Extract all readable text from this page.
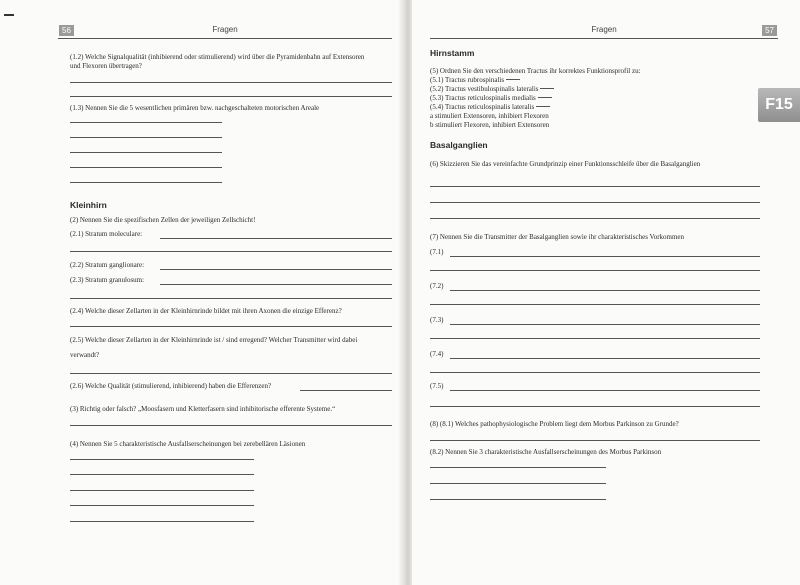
56	Fragen
(1.2) Welche Signalqualität (inhibierend oder stimulierend) wird über die Pyramidenbahn auf Extensoren
und Flexoren übertragen?
(1.3) Nennen Sie die 5 wesentlichen primären bzw. nachgeschalteten motorischen Areale
Kleinhirn
(2) Nennen Sie die spezifischen Zellen der jeweiligen Zellschicht!
(2.1) Stratum moleculare:
(2.2) Stratum ganglionare:
(2.3) Stratum granulosum:
(2.4) Welche dieser Zellarten in der Kleinhirnrinde bildet mit ihren Axonen die einzige Efferenz?
(2.5) Welche dieser Zellarten in der Kleinhirnrinde ist / sind erregend? Welcher Transmitter wird dabei
verwandt?
(2.6) Welche Qualität (stimulierend, inhibierend) haben die Efferenzen?
(3) Richtig oder falsch? „Moosfasern und Kletterfasern sind inhibitorische efferente Systeme.“
(4) Nennen Sie 5 charakteristische Ausfallserscheinungen bei zerebellären Läsionen
Fragen	57
F15
Hirnstamm
(5) Ordnen Sie den verschiedenen Tractus ihr korrektes Funktionsprofil zu:
(5.1) Tractus rubrospinalis
(5.2) Tractus vestibulospinalis lateralis
(5.3) Tractus reticulospinalis medialis
(5.4) Tractus reticulospinalis lateralis
a stimuliert Extensoren, inhibiert Flexoren
b stimuliert Flexoren, inhibiert Extensoren
Basalganglien
(6) Skizzieren Sie das vereinfachte Grundprinzip einer Funktionsschleife über die Basalganglien
(7) Nennen Sie die Transmitter der Basalganglien sowie ihr charakteristisches Vorkommen
(7.1)
(7.2)
(7.3)
(7.4)
(7.5)
(8) (8.1) Welches pathophysiologische Problem liegt dem Morbus Parkinson zu Grunde?
(8.2) Nennen Sie 3 charakteristische Ausfallserscheinungen des Morbus Parkinson
